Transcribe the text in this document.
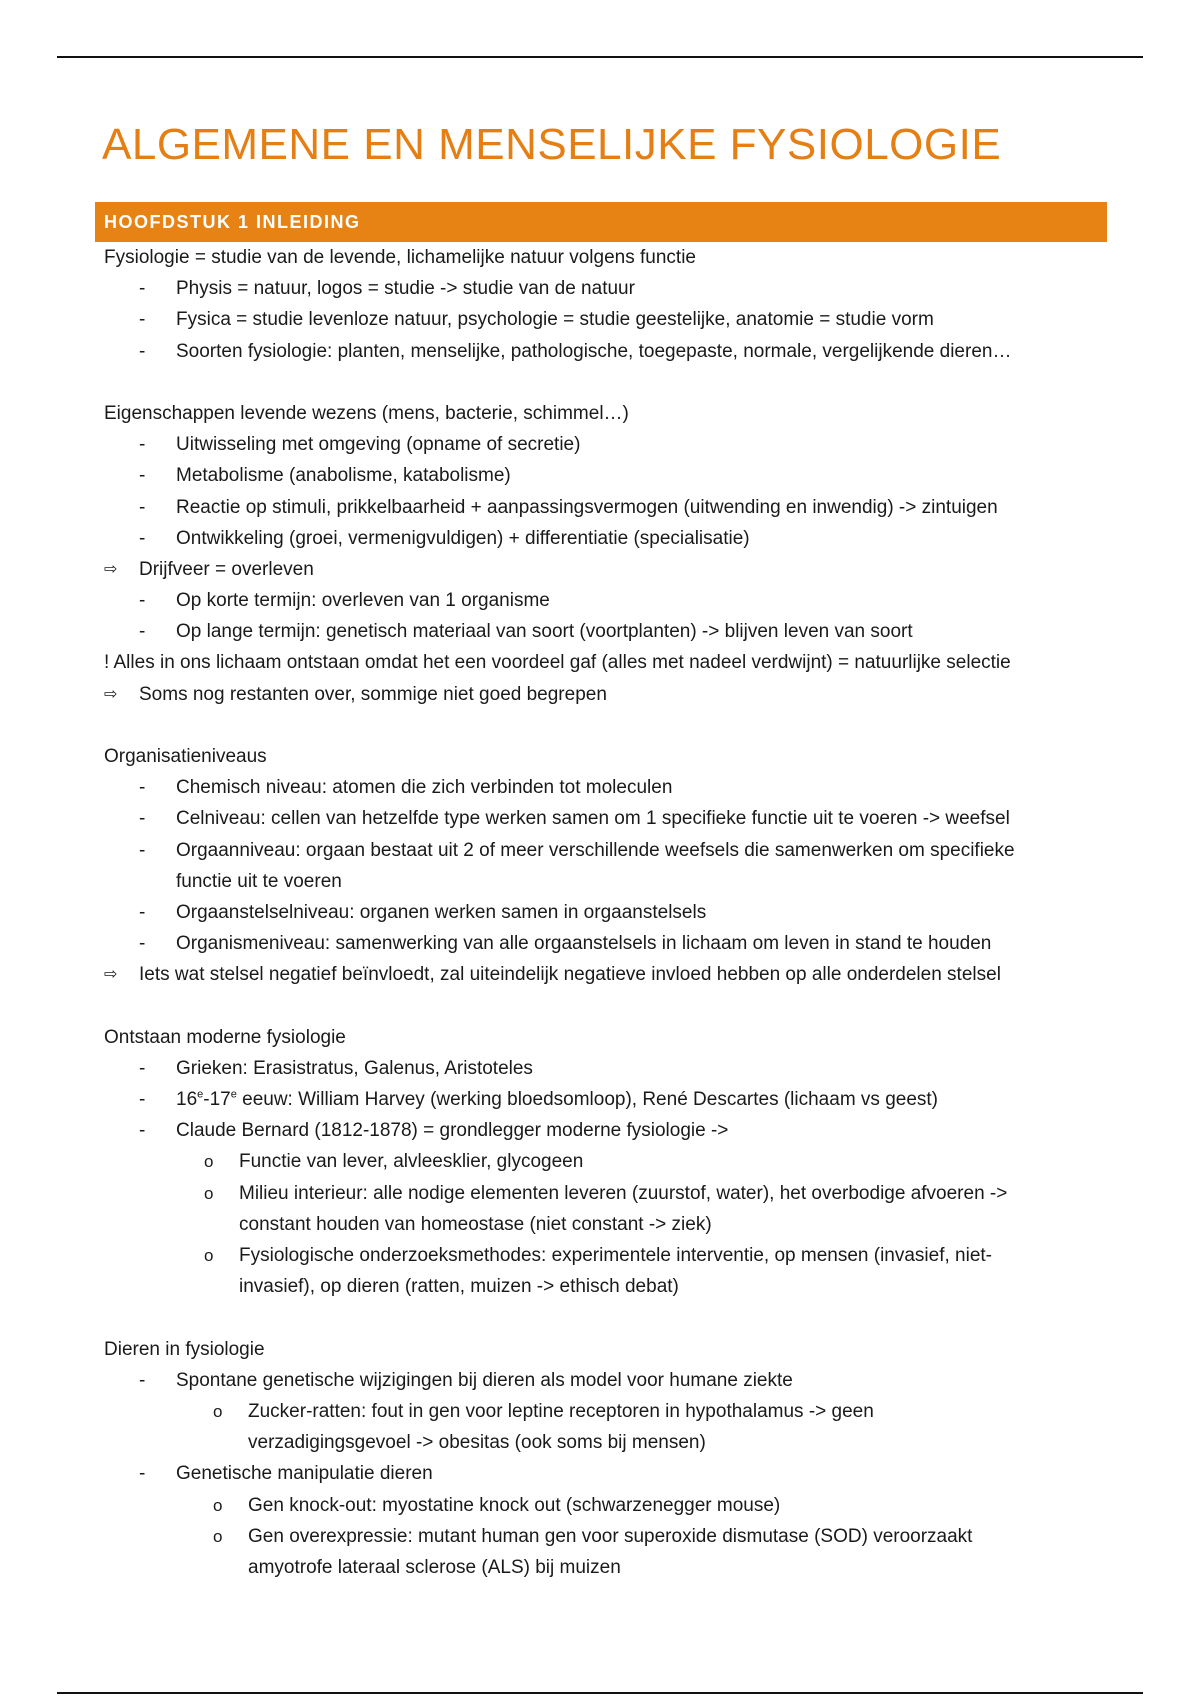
ALGEMENE EN MENSELIJKE FYSIOLOGIE
HOOFDSTUK 1 INLEIDING
Fysiologie = studie van de levende, lichamelijke natuur volgens functie
- Physis = natuur, logos = studie -> studie van de natuur
- Fysica = studie levenloze natuur, psychologie = studie geestelijke, anatomie = studie vorm
- Soorten fysiologie: planten, menselijke, pathologische, toegepaste, normale, vergelijkende dieren…
Eigenschappen levende wezens (mens, bacterie, schimmel…)
- Uitwisseling met omgeving (opname of secretie)
- Metabolisme (anabolisme, katabolisme)
- Reactie op stimuli, prikkelbaarheid + aanpassingsvermogen (uitwending en inwendig) -> zintuigen
- Ontwikkeling (groei, vermenigvuldigen) + differentiatie (specialisatie)
⇨ Drijfveer = overleven
- Op korte termijn: overleven van 1 organisme
- Op lange termijn: genetisch materiaal van soort (voortplanten) -> blijven leven van soort
! Alles in ons lichaam ontstaan omdat het een voordeel gaf (alles met nadeel verdwijnt) = natuurlijke selectie
⇨ Soms nog restanten over, sommige niet goed begrepen
Organisatieniveaus
- Chemisch niveau: atomen die zich verbinden tot moleculen
- Celniveau: cellen van hetzelfde type werken samen om 1 specifieke functie uit te voeren -> weefsel
- Orgaanniveau: orgaan bestaat uit 2 of meer verschillende weefsels die samenwerken om specifieke
functie uit te voeren
- Orgaanstelselniveau: organen werken samen in orgaanstelsels
- Organismeniveau: samenwerking van alle orgaanstelsels in lichaam om leven in stand te houden
⇨ Iets wat stelsel negatief beïnvloedt, zal uiteindelijk negatieve invloed hebben op alle onderdelen stelsel
Ontstaan moderne fysiologie
- Grieken: Erasistratus, Galenus, Aristoteles
- 16e-17e eeuw: William Harvey (werking bloedsomloop), René Descartes (lichaam vs geest)
- Claude Bernard (1812-1878) = grondlegger moderne fysiologie ->
o Functie van lever, alvleesklier, glycogeen
o Milieu interieur: alle nodige elementen leveren (zuurstof, water), het overbodige afvoeren ->
constant houden van homeostase (niet constant -> ziek)
o Fysiologische onderzoeksmethodes: experimentele interventie, op mensen (invasief, niet-
invasief), op dieren (ratten, muizen -> ethisch debat)
Dieren in fysiologie
- Spontane genetische wijzigingen bij dieren als model voor humane ziekte
o Zucker-ratten: fout in gen voor leptine receptoren in hypothalamus -> geen
verzadigingsgevoel -> obesitas (ook soms bij mensen)
- Genetische manipulatie dieren
o Gen knock-out: myostatine knock out (schwarzenegger mouse)
o Gen overexpressie: mutant human gen voor superoxide dismutase (SOD) veroorzaakt
amyotrofe lateraal sclerose (ALS) bij muizen
